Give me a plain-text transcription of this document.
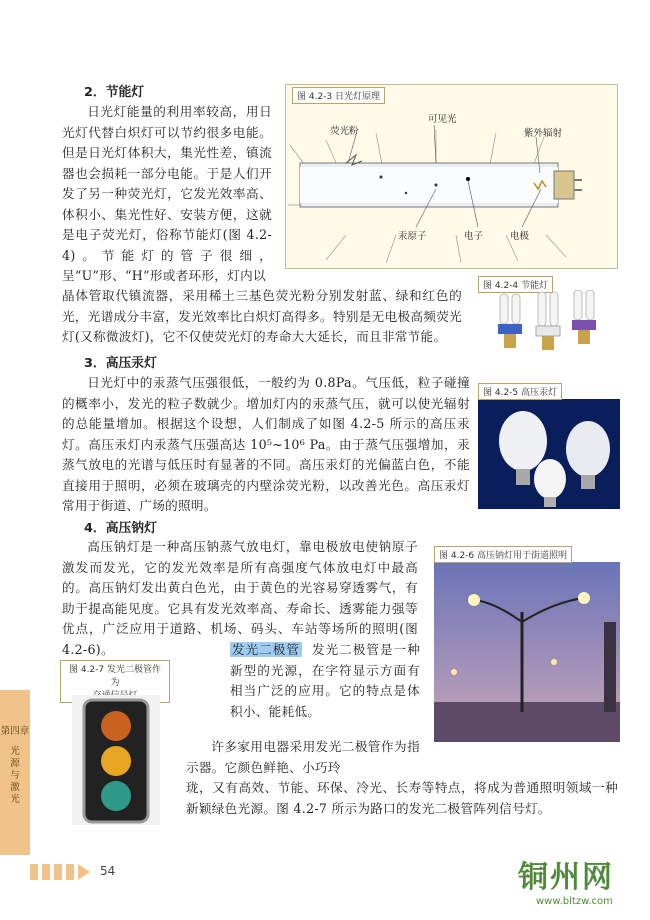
2．节能灯

日光灯能量的利用率较高，用日光灯代替白炽灯可以节约很多电能。但是日光灯体积大，集光性差，镇流器也会损耗一部分电能。于是人们开发了另一种荧光灯，它发光效率高、体积小、集光性好、安装方便，这就是电子荧光灯，俗称节能灯(图 4.2-4)。节能灯的管子很细，呈“U”形、“H”形或者环形，灯内以

晶体管取代镇流器，采用稀土三基色荧光粉分别发射蓝、绿和红色的光，光谱成分丰富，发光效率比白炽灯高得多。特别是无电极高频荧光灯(又称微波灯)，它不仅使荧光灯的寿命大大延长，而且非常节能。
图 4.2-3 日光灯原理
荧光粉
可见光
紫外辐射
汞原子	电子	电极
图 4.2-4 节能灯
3．高压汞灯

日光灯中的汞蒸气压强很低，一般约为 0.8Pa。气压低，粒子碰撞的概率小，发光的粒子数就少。增加灯内的汞蒸气压，就可以使光辐射的总能量增加。根据这个设想，人们制成了如图 4.2-5 所示的高压汞灯。高压汞灯内汞蒸气压强高达 10⁵~10⁶ Pa。由于蒸气压强增加，汞蒸气放电的光谱与低压时有显著的不同。高压汞灯的光偏蓝白色，不能直接用于照明，必须在玻璃壳的内壁涂荧光粉，以改善光色。高压汞灯常用于街道、广场的照明。

图 4.2-5 高压汞灯
4．高压钠灯

高压钠灯是一种高压钠蒸气放电灯，靠电极放电使钠原子激发而发光，它的发光效率是所有高强度气体放电灯中最高的。高压钠灯发出黄白色光，由于黄色的光容易穿透雾气，有助于提高能见度。它具有发光效率高、寿命长、透雾能力强等优点，广泛应用于道路、机场、码头、车站等场所的照明(图 4.2-6)。

图 4.2-6 高压钠灯用于街道照明
发光二极管 发光二极管是一种新型的光源，在字符显示方面有相当广泛的应用。它的特点是体积小、能耗低。

许多家用电器采用发光二极管作为指示器。它颜色鲜艳、小巧玲

珑，又有高效、节能、环保、冷光、长寿等特点，将成为普通照明领域一种新颖绿色光源。图 4.2-7 所示为路口的发光二极管阵列信号灯。
图 4.2-7 发光二极管作为
第四章
光源与激光
54	铜州网
www.bltzw.com
